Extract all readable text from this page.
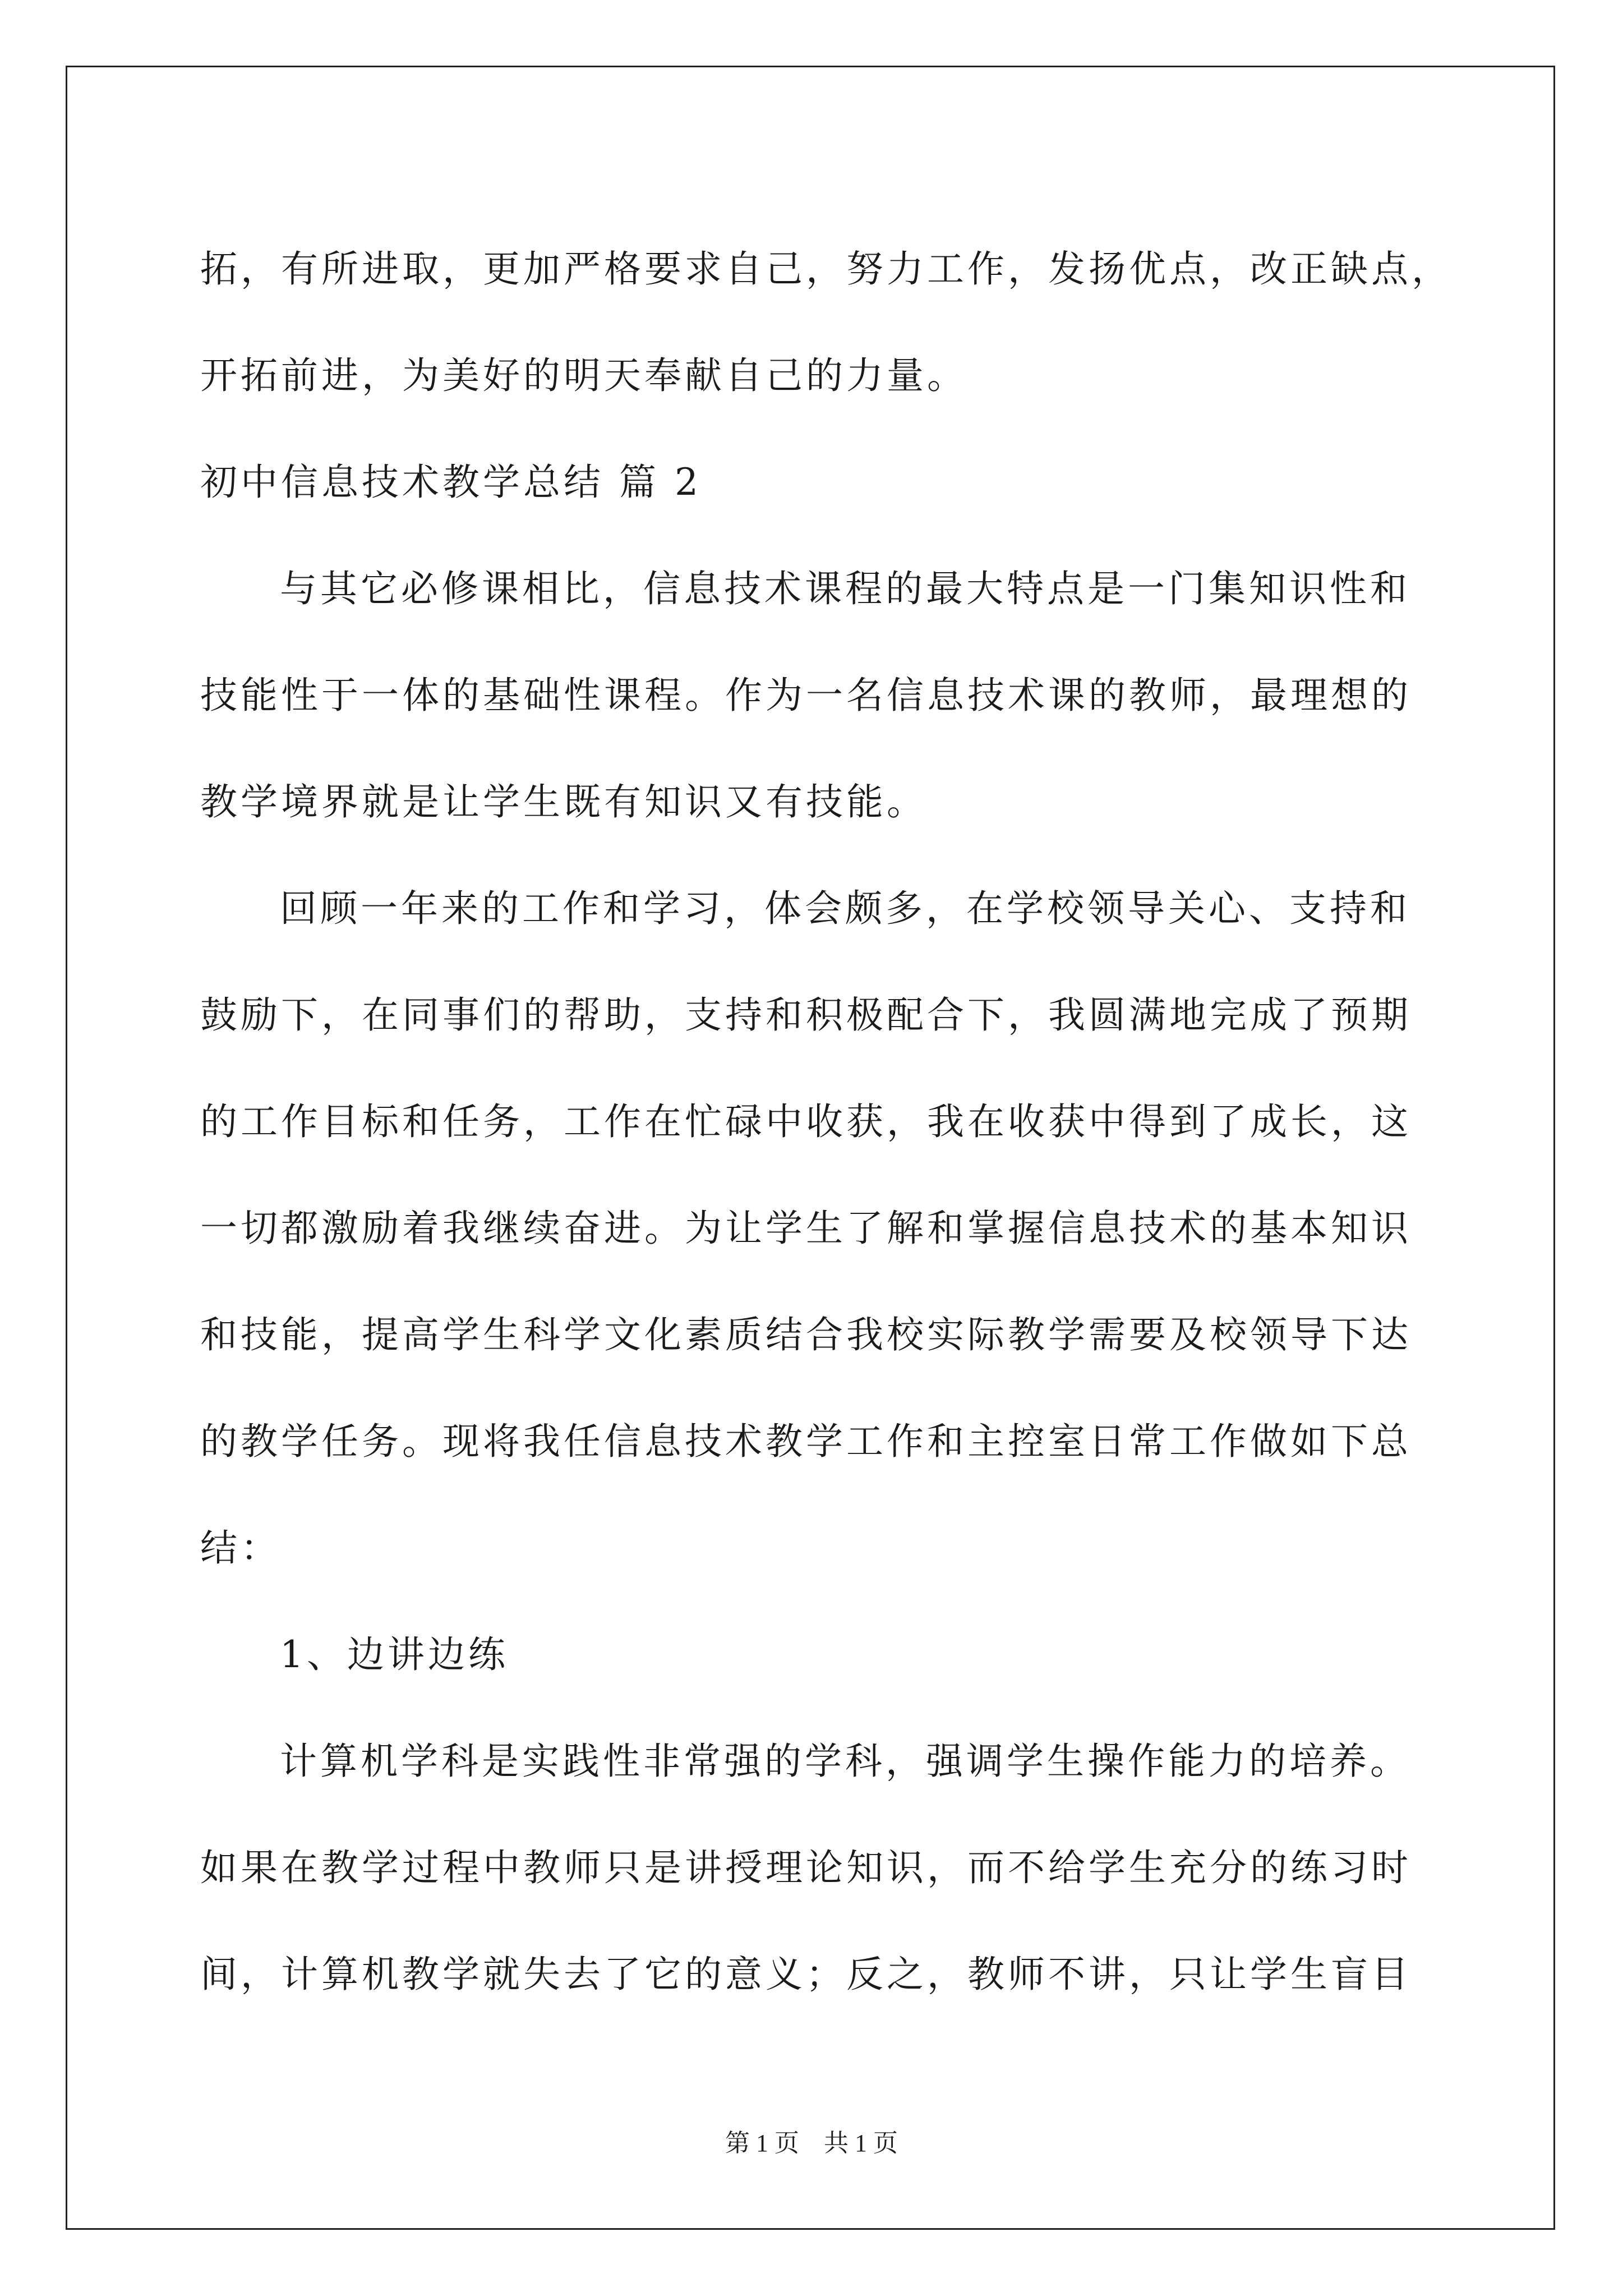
拓，有所进取，更加严格要求自己，努力工作，发扬优点，改正缺点，

开拓前进，为美好的明天奉献自己的力量。

初中信息技术教学总结 篇 2

与其它必修课相比，信息技术课程的最大特点是一门集知识性和

技能性于一体的基础性课程。作为一名信息技术课的教师，最理想的

教学境界就是让学生既有知识又有技能。

回顾一年来的工作和学习，体会颇多，在学校领导关心、支持和

鼓励下，在同事们的帮助，支持和积极配合下，我圆满地完成了预期

的工作目标和任务，工作在忙碌中收获，我在收获中得到了成长，这

一切都激励着我继续奋进。为让学生了解和掌握信息技术的基本知识

和技能，提高学生科学文化素质结合我校实际教学需要及校领导下达

的教学任务。现将我任信息技术教学工作和主控室日常工作做如下总

结：

1、边讲边练

计算机学科是实践性非常强的学科，强调学生操作能力的培养。

如果在教学过程中教师只是讲授理论知识，而不给学生充分的练习时

间，计算机教学就失去了它的意义；反之，教师不讲，只让学生盲目

第 1 页    共 1 页
